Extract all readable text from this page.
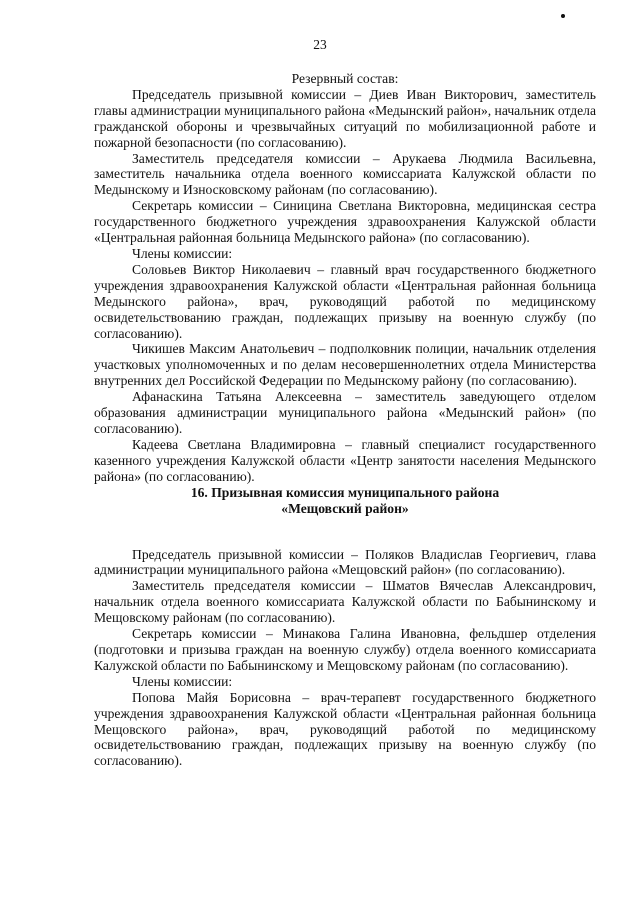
23

Резервный состав:

Председатель призывной комиссии – Диев Иван Викторович, заместитель главы администрации муниципального района «Медынский район», начальник отдела гражданской обороны и чрезвычайных ситуаций по мобилизационной работе и пожарной безопасности (по согласованию).

Заместитель председателя комиссии – Арукаева Людмила Васильевна, заместитель начальника отдела военного комиссариата Калужской области по Медынскому и Износковскому районам (по согласованию).

Секретарь комиссии – Синицина Светлана Викторовна, медицинская сестра государственного бюджетного учреждения здравоохранения Калужской области «Центральная районная больница Медынского района» (по согласованию).

Члены комиссии:

Соловьев Виктор Николаевич – главный врач государственного бюджетного учреждения здравоохранения Калужской области «Центральная районная больница Медынского района», врач, руководящий работой по медицинскому освидетельствованию граждан, подлежащих призыву на военную службу (по согласованию).

Чикишев Максим Анатольевич – подполковник полиции, начальник отделения участковых уполномоченных и по делам несовершеннолетних отдела Министерства внутренних дел Российской Федерации по Медынскому району (по согласованию).

Афанаскина Татьяна Алексеевна – заместитель заведующего отделом образования администрации муниципального района «Медынский район» (по согласованию).

Кадеева Светлана Владимировна – главный специалист государственного казенного учреждения Калужской области «Центр занятости населения Медынского района» (по согласованию).

16. Призывная комиссия муниципального района
«Мещовский район»

Председатель призывной комиссии – Поляков Владислав Георгиевич, глава администрации муниципального района «Мещовский район» (по согласованию).

Заместитель председателя комиссии – Шматов Вячеслав Александрович, начальник отдела военного комиссариата Калужской области по Бабынинскому и Мещовскому районам (по согласованию).

Секретарь комиссии – Минакова Галина Ивановна, фельдшер отделения (подготовки и призыва граждан на военную службу) отдела военного комиссариата Калужской области по Бабынинскому и Мещовскому районам (по согласованию).

Члены комиссии:

Попова Майя Борисовна – врач-терапевт государственного бюджетного учреждения здравоохранения Калужской области «Центральная районная больница Мещовского района», врач, руководящий работой по медицинскому освидетельствованию граждан, подлежащих призыву на военную службу (по согласованию).
